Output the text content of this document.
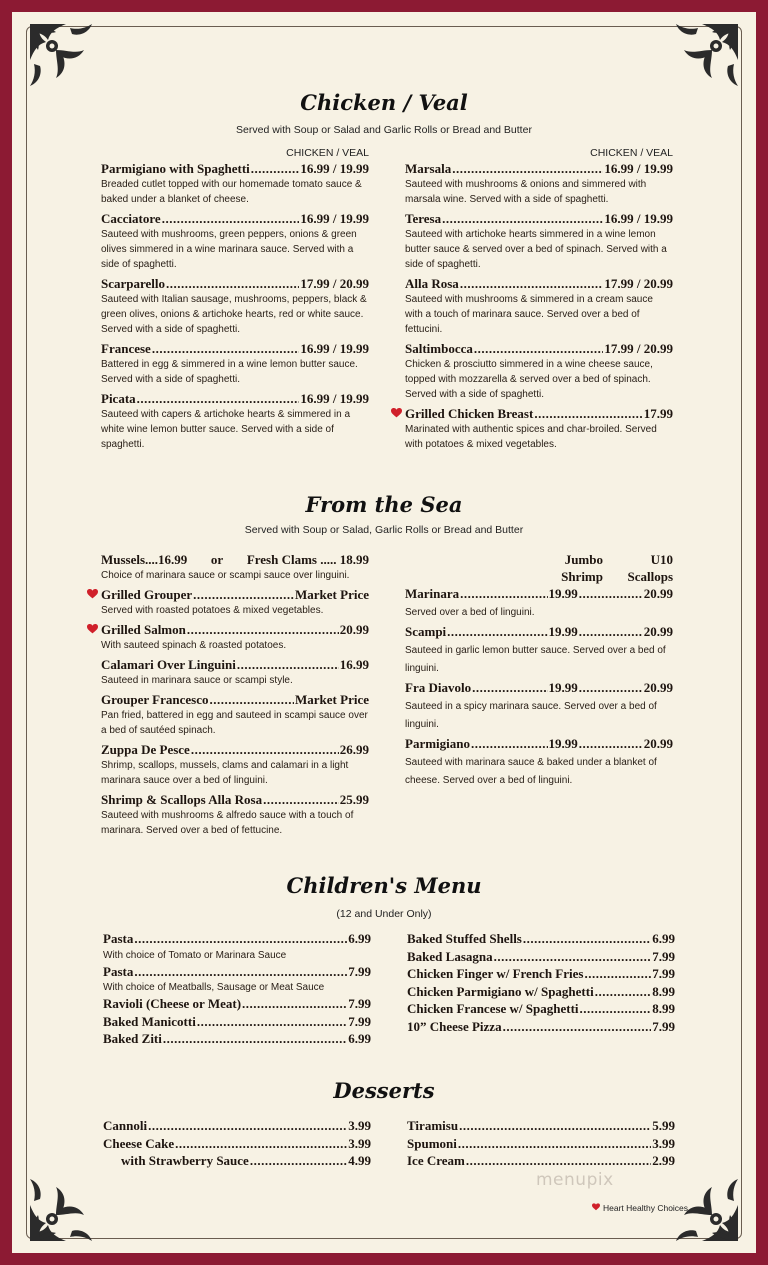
Chicken / Veal
Served with Soup or Salad and Garlic Rolls or Bread and Butter
CHICKEN / VEAL
Parmigiano with Spaghetti .....	16.99 / 19.99
Breaded cutlet topped with our homemade tomato sauce & baked under a blanket of cheese.
Cacciatore .....	16.99 / 19.99
Sauteed with mushrooms, green peppers, onions & green olives simmered in a wine marinara sauce. Served with a side of spaghetti.
Scarparello .....	17.99 / 20.99
Sauteed with Italian sausage, mushrooms, peppers, black & green olives, onions & artichoke hearts, red or white sauce. Served with a side of spaghetti.
Francese .....	16.99 / 19.99
Battered in egg & simmered in a wine lemon butter sauce. Served with a side of spaghetti.
Picata .....	16.99 / 19.99
Sauteed with capers & artichoke hearts & simmered in a white wine lemon butter sauce. Served with a side of spaghetti.
CHICKEN / VEAL
Marsala .....	16.99 / 19.99
Sauteed with mushrooms & onions and simmered with marsala wine. Served with a side of spaghetti.
Teresa .....	16.99 / 19.99
Sauteed with artichoke hearts simmered in a wine lemon butter sauce & served over a bed of spinach. Served with a side of spaghetti.
Alla Rosa .....	17.99 / 20.99
Sauteed with mushrooms & simmered in a cream sauce with a touch of marinara sauce. Served over a bed of fettucini.
Saltimbocca .....	17.99 / 20.99
Chicken & prosciutto simmered in a wine cheese sauce, topped with mozzarella & served over a bed of spinach. Served with a side of spaghetti.
Grilled Chicken Breast .....	17.99
Marinated with authentic spices and char-broiled. Served with potatoes & mixed vegetables.
From the Sea
Served with Soup or Salad, Garlic Rolls or Bread and Butter
Mussels....16.99 or Fresh Clams ..... 18.99
Choice of marinara sauce or scampi sauce over linguini.
Grilled Grouper .....	Market Price
Served with roasted potatoes & mixed vegetables.
Grilled Salmon .....	20.99
With sauteed spinach & roasted potatoes.
Calamari Over Linguini .....	16.99
Sauteed in marinara sauce or scampi style.
Grouper Francesco .....	Market Price
Pan fried, battered in egg and sauteed in scampi sauce over a bed of sautéed spinach.
Zuppa De Pesce .....	26.99
Shrimp, scallops, mussels, clams and calamari in a light marinara sauce over a bed of linguini.
Shrimp & Scallops Alla Rosa .....	25.99
Sauteed with mushrooms & alfredo sauce with a touch of marinara. Served over a bed of fettucine.
Jumbo
Shrimp
U10
Scallops
Marinara .....	19.99 .....	20.99
Served over a bed of linguini.
Scampi .....	19.99 .....	20.99
Sauteed in garlic lemon butter sauce. Served over a bed of linguini.
Fra Diavolo .....	19.99 .....	20.99
Sauteed in a spicy marinara sauce. Served over a bed of linguini.
Parmigiano .....	19.99 .....	20.99
Sauteed with marinara sauce & baked under a blanket of cheese. Served over a bed of linguini.
Children's Menu
(12 and Under Only)
Pasta .....	6.99
With choice of Tomato or Marinara Sauce
Pasta .....	7.99
With choice of Meatballs, Sausage or Meat Sauce
Ravioli (Cheese or Meat) .....	7.99
Baked Manicotti .....	7.99
Baked Ziti .....	6.99
Baked Stuffed Shells .....	6.99
Baked Lasagna .....	7.99
Chicken Finger w/ French Fries .....	7.99
Chicken Parmigiano w/ Spaghetti .....	8.99
Chicken Francese w/ Spaghetti .....	8.99
10” Cheese Pizza .....	7.99
Desserts
Cannoli .....	3.99
Cheese Cake .....	3.99
with Strawberry Sauce .....	4.99
Tiramisu .....	5.99
Spumoni .....	3.99
Ice Cream .....	2.99
menupix
Heart Healthy Choices
